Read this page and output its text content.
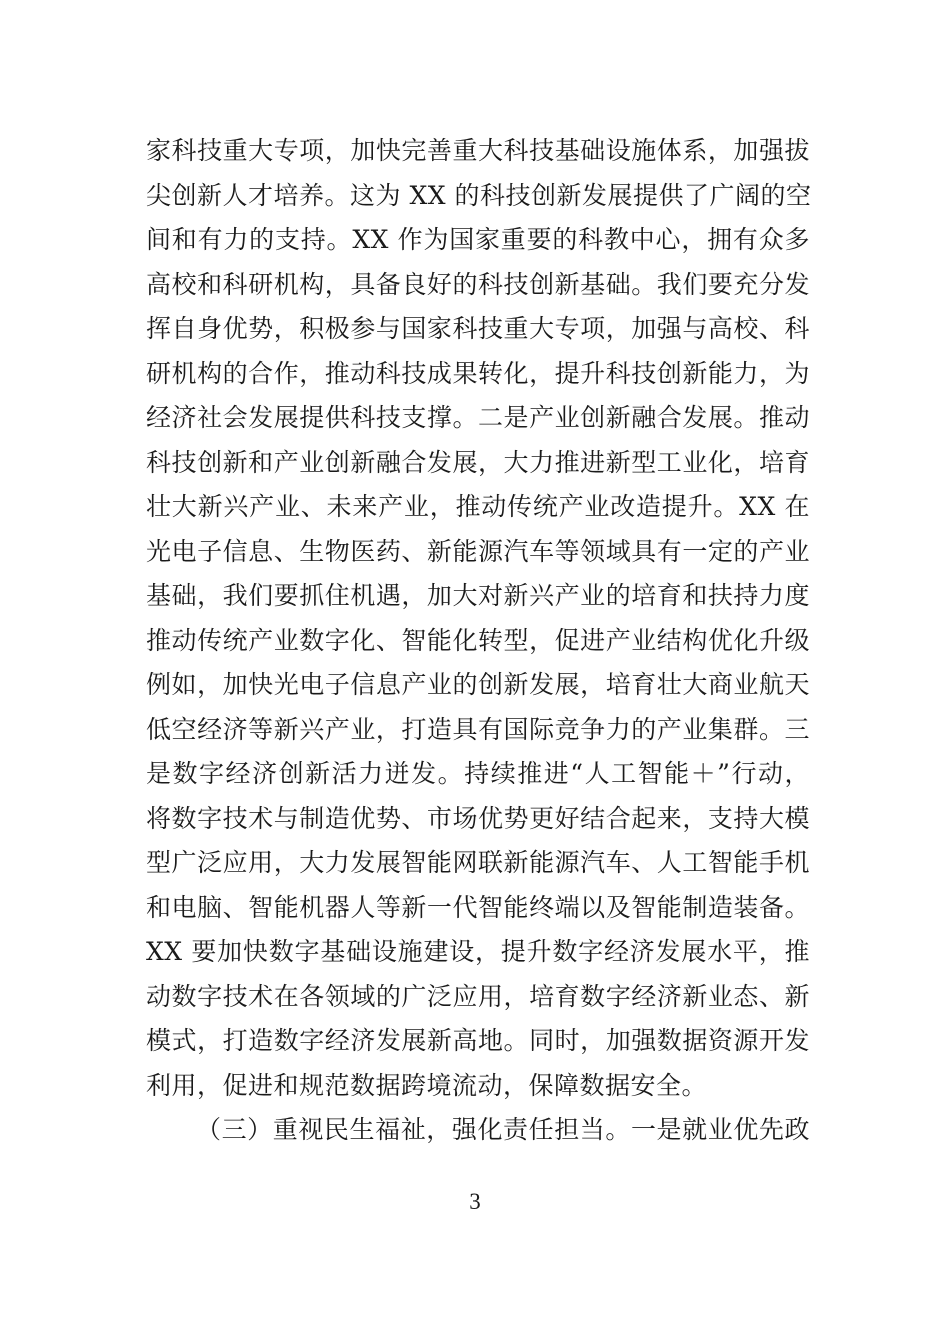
家科技重大专项，加快完善重大科技基础设施体系，加强拔
尖创新人才培养。这为 XX 的科技创新发展提供了广阔的空
间和有力的支持。XX 作为国家重要的科教中心，拥有众多
高校和科研机构，具备良好的科技创新基础。我们要充分发
挥自身优势，积极参与国家科技重大专项，加强与高校、科
研机构的合作，推动科技成果转化，提升科技创新能力，为
经济社会发展提供科技支撑。二是产业创新融合发展。推动
科技创新和产业创新融合发展，大力推进新型工业化，培育
壮大新兴产业、未来产业，推动传统产业改造提升。XX 在
光电子信息、生物医药、新能源汽车等领域具有一定的产业
基础，我们要抓住机遇，加大对新兴产业的培育和扶持力度
推动传统产业数字化、智能化转型，促进产业结构优化升级
例如，加快光电子信息产业的创新发展，培育壮大商业航天
低空经济等新兴产业，打造具有国际竞争力的产业集群。三
是数字经济创新活力迸发。持续推进“人工智能＋”行动，
将数字技术与制造优势、市场优势更好结合起来，支持大模
型广泛应用，大力发展智能网联新能源汽车、人工智能手机
和电脑、智能机器人等新一代智能终端以及智能制造装备。
XX 要加快数字基础设施建设，提升数字经济发展水平，推
动数字技术在各领域的广泛应用，培育数字经济新业态、新
模式，打造数字经济发展新高地。同时，加强数据资源开发
利用，促进和规范数据跨境流动，保障数据安全。
（三）重视民生福祉，强化责任担当。一是就业优先政
3
